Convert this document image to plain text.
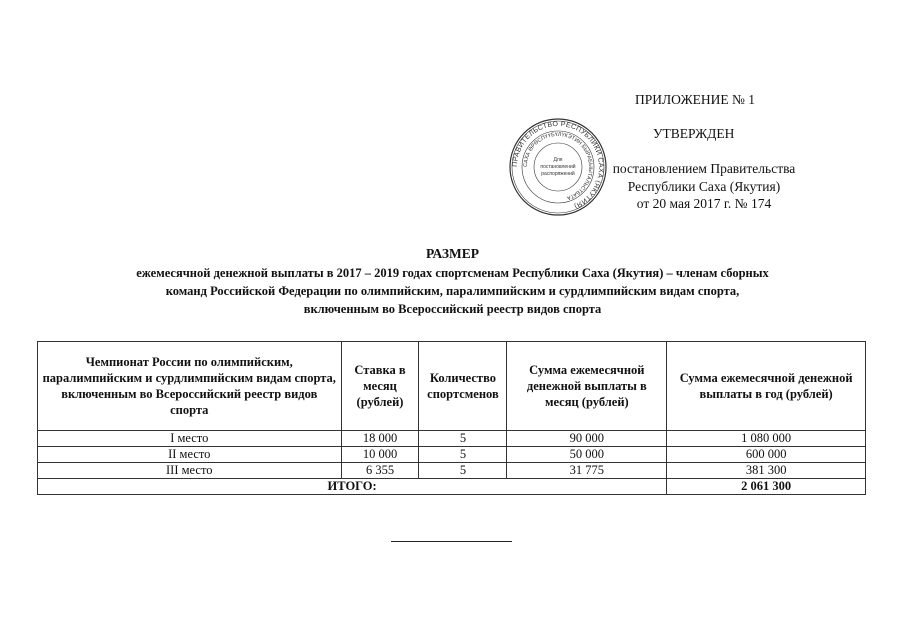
ПРИЛОЖЕНИЕ № 1
УТВЕРЖДЕН
постановлением Правительства
Республики Саха (Якутия)
от 20 мая 2017 г. № 174
ПРАВИТЕЛЬСТВО РЕСПУБЛИКИ САХА (ЯКУТИЯ)
САХА ӨРӨСПҮҮБҮЛҮКЭТИН БЫРАБЫЫТАЛЬСТБАТА
Для
постановлений
распоряжений
РАЗМЕР
ежемесячной денежной выплаты в 2017 – 2019 годах спортсменам Республики Саха (Якутия) – членам сборных
команд Российской Федерации по олимпийским, паралимпийским и сурдлимпийским видам спорта,
включенным во Всероссийский реестр видов спорта
Чемпионат России по олимпийским, паралимпийским и сурдлимпийским видам спорта, включенным во Всероссийский реестр видов спорта	Ставка в месяц (рублей)	Количество спортсменов	Сумма ежемесячной денежной выплаты в месяц (рублей)	Сумма ежемесячной денежной выплаты в год (рублей)
I место	18 000	5	90 000	1 080 000
II место	10 000	5	50 000	600 000
III место	6 355	5	31 775	381 300
ИТОГО:				2 061 300
